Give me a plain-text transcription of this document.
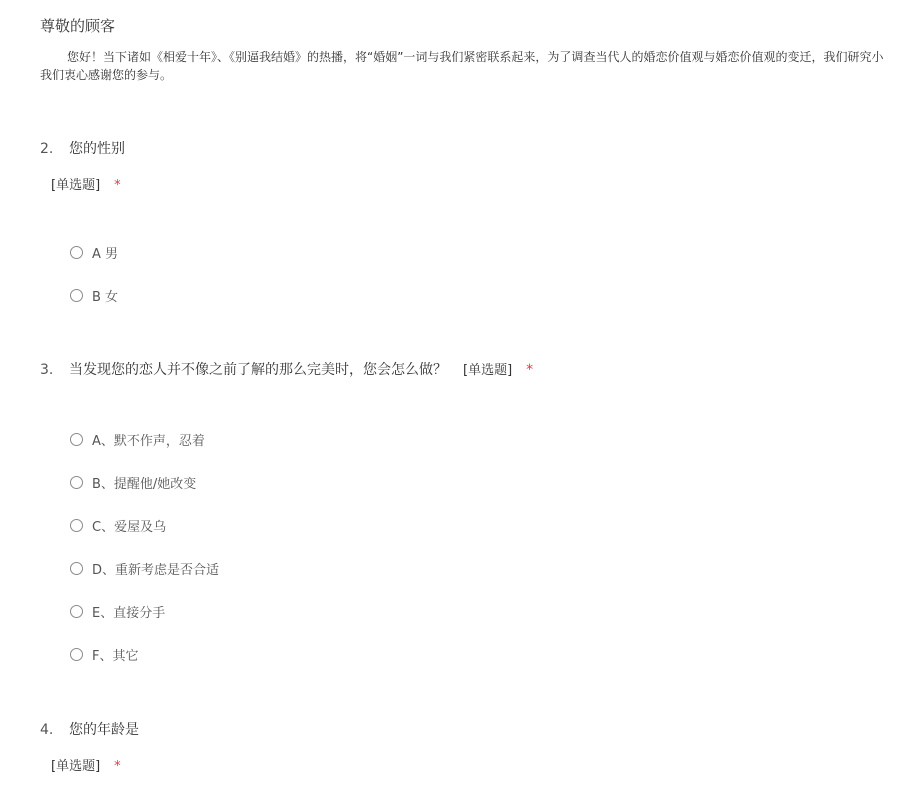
尊敬的顾客
您好！当下诸如《相爱十年》、《别逼我结婚》的热播，将“婚姻”一词与我们紧密联系起来，为了调查当代人的婚恋价值观与婚恋价值观的变迁，我们研究小
我们衷心感谢您的参与。
2. 您的性别
[单选题] *
A 男
B 女
3. 当发现您的恋人并不像之前了解的那么完美时，您会怎么做？ [单选题] *
A、默不作声，忍着
B、提醒他/她改变
C、爱屋及乌
D、重新考虑是否合适
E、直接分手
F、其它
4. 您的年龄是
[单选题] *
